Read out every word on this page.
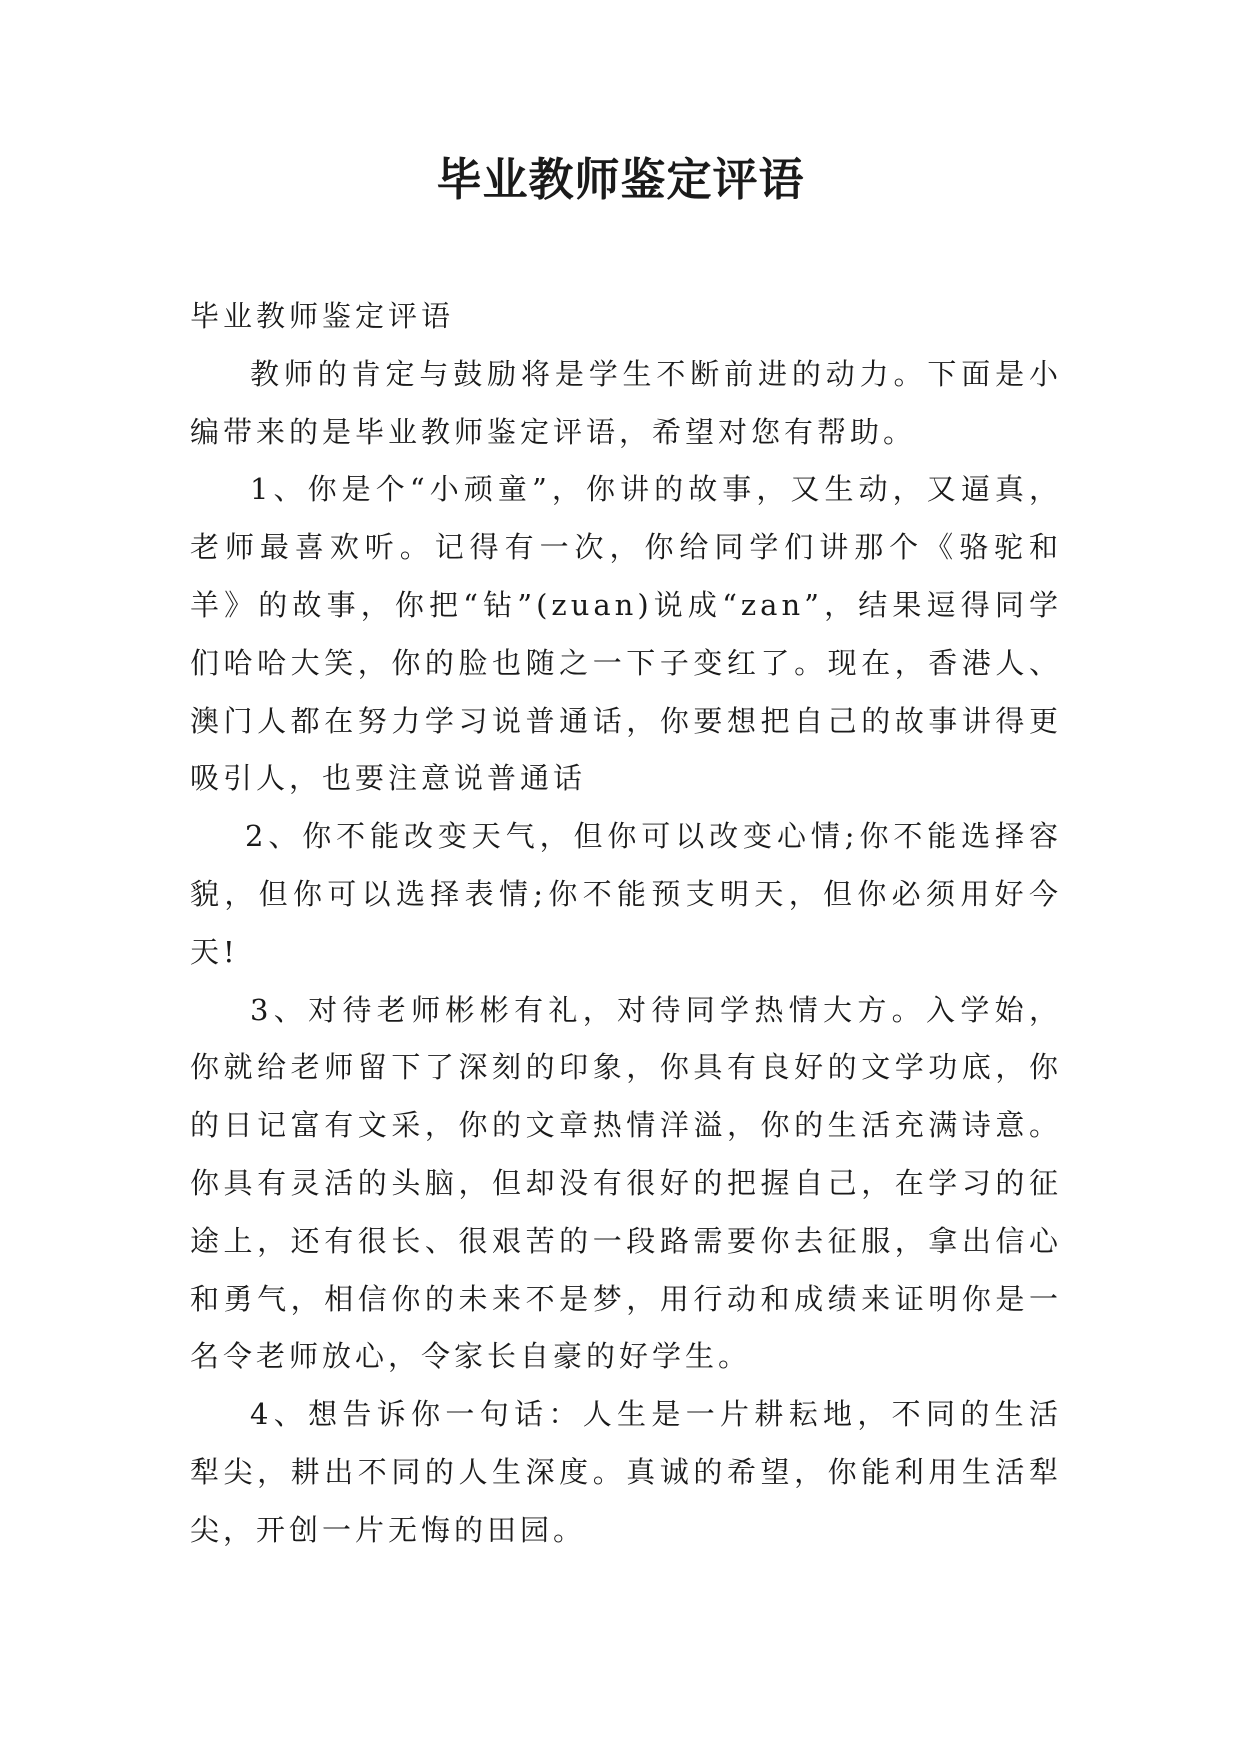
毕业教师鉴定评语

毕业教师鉴定评语

教师的肯定与鼓励将是学生不断前进的动力。下面是小编带来的是毕业教师鉴定评语，希望对您有帮助。

1、你是个“小顽童”，你讲的故事，又生动，又逼真，老师最喜欢听。记得有一次，你给同学们讲那个《骆驼和羊》的故事，你把“钻”(zuan)说成“zan”，结果逗得同学们哈哈大笑，你的脸也随之一下子变红了。现在，香港人、澳门人都在努力学习说普通话，你要想把自己的故事讲得更吸引人，也要注意说普通话

2、你不能改变天气，但你可以改变心情;你不能选择容貌，但你可以选择表情;你不能预支明天，但你必须用好今天!

3、对待老师彬彬有礼，对待同学热情大方。入学始，你就给老师留下了深刻的印象，你具有良好的文学功底，你的日记富有文采，你的文章热情洋溢，你的生活充满诗意。你具有灵活的头脑，但却没有很好的把握自己，在学习的征途上，还有很长、很艰苦的一段路需要你去征服，拿出信心和勇气，相信你的未来不是梦，用行动和成绩来证明你是一名令老师放心，令家长自豪的好学生。

4、想告诉你一句话：人生是一片耕耘地，不同的生活犁尖，耕出不同的人生深度。真诚的希望，你能利用生活犁尖，开创一片无悔的田园。
